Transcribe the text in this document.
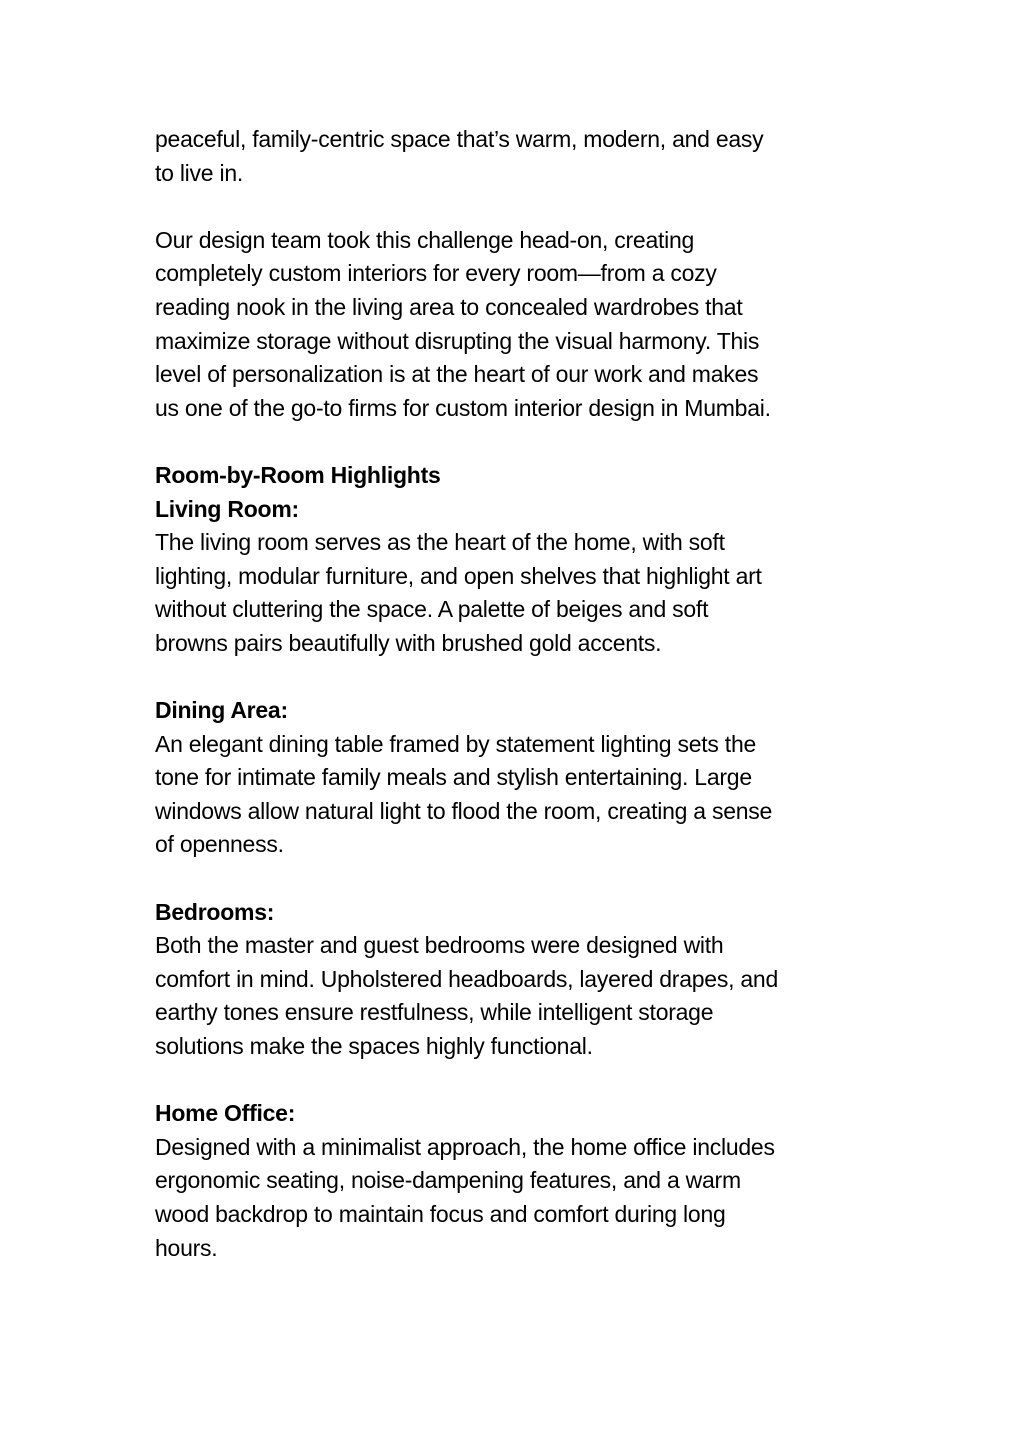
peaceful, family-centric space that’s warm, modern, and easy
to live in.

Our design team took this challenge head-on, creating
completely custom interiors for every room—from a cozy
reading nook in the living area to concealed wardrobes that
maximize storage without disrupting the visual harmony. This
level of personalization is at the heart of our work and makes
us one of the go-to firms for custom interior design in Mumbai.

Room-by-Room Highlights
Living Room:
The living room serves as the heart of the home, with soft
lighting, modular furniture, and open shelves that highlight art
without cluttering the space. A palette of beiges and soft
browns pairs beautifully with brushed gold accents.
Dining Area:
An elegant dining table framed by statement lighting sets the
tone for intimate family meals and stylish entertaining. Large
windows allow natural light to flood the room, creating a sense
of openness.
Bedrooms:
Both the master and guest bedrooms were designed with
comfort in mind. Upholstered headboards, layered drapes, and
earthy tones ensure restfulness, while intelligent storage
solutions make the spaces highly functional.
Home Office:
Designed with a minimalist approach, the home office includes
ergonomic seating, noise-dampening features, and a warm
wood backdrop to maintain focus and comfort during long
hours.
